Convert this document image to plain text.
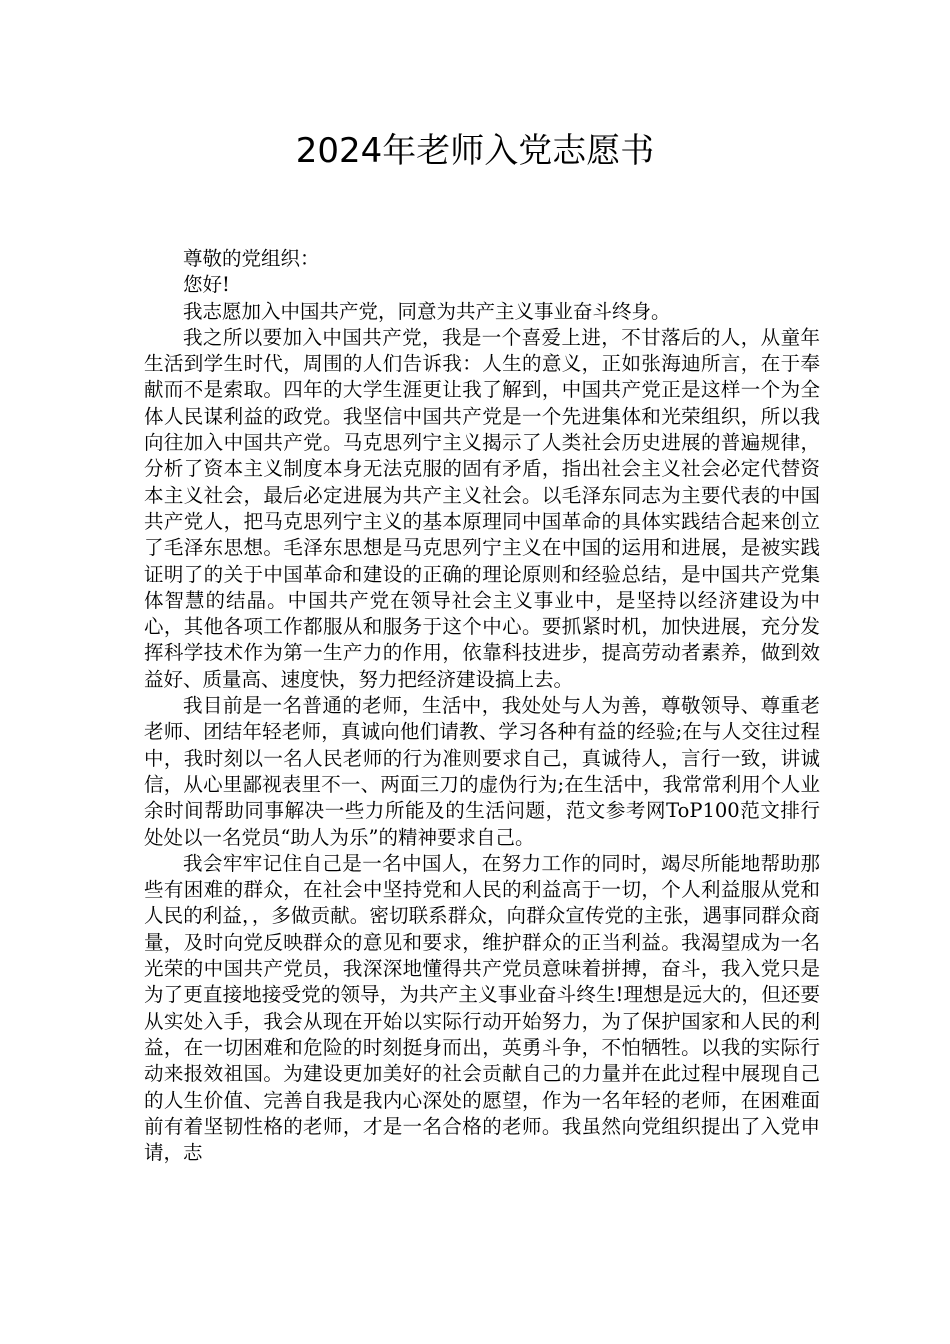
2024年老师入党志愿书

尊敬的党组织：

您好!

我志愿加入中国共产党，同意为共产主义事业奋斗终身。

我之所以要加入中国共产党，我是一个喜爱上进，不甘落后的人，从童年生活到学生时代，周围的人们告诉我：人生的意义，正如张海迪所言，在于奉献而不是索取。四年的大学生涯更让我了解到，中国共产党正是这样一个为全体人民谋利益的政党。我坚信中国共产党是一个先进集体和光荣组织，所以我向往加入中国共产党。马克思列宁主义揭示了人类社会历史进展的普遍规律，分析了资本主义制度本身无法克服的固有矛盾，指出社会主义社会必定代替资本主义社会，最后必定进展为共产主义社会。以毛泽东同志为主要代表的中国共产党人，把马克思列宁主义的基本原理同中国革命的具体实践结合起来创立了毛泽东思想。毛泽东思想是马克思列宁主义在中国的运用和进展，是被实践证明了的关于中国革命和建设的正确的理论原则和经验总结，是中国共产党集体智慧的结晶。中国共产党在领导社会主义事业中，是坚持以经济建设为中心，其他各项工作都服从和服务于这个中心。要抓紧时机，加快进展，充分发挥科学技术作为第一生产力的作用，依靠科技进步，提高劳动者素养，做到效益好、质量高、速度快，努力把经济建设搞上去。

我目前是一名普通的老师，生活中，我处处与人为善，尊敬领导、尊重老老师、团结年轻老师，真诚向他们请教、学习各种有益的经验;在与人交往过程中，我时刻以一名人民老师的行为准则要求自己，真诚待人，言行一致，讲诚信，从心里鄙视表里不一、两面三刀的虚伪行为;在生活中，我常常利用个人业余时间帮助同事解决一些力所能及的生活问题，范文参考网ToP100范文排行处处以一名党员“助人为乐”的精神要求自己。

我会牢牢记住自己是一名中国人，在努力工作的同时，竭尽所能地帮助那些有困难的群众，在社会中坚持党和人民的利益高于一切，个人利益服从党和人民的利益，，多做贡献。密切联系群众，向群众宣传党的主张，遇事同群众商量，及时向党反映群众的意见和要求，维护群众的正当利益。我渴望成为一名光荣的中国共产党员，我深深地懂得共产党员意味着拼搏，奋斗，我入党只是为了更直接地接受党的领导，为共产主义事业奋斗终生!理想是远大的，但还要从实处入手，我会从现在开始以实际行动开始努力，为了保护国家和人民的利益，在一切困难和危险的时刻挺身而出，英勇斗争，不怕牺牲。以我的实际行动来报效祖国。为建设更加美好的社会贡献自己的力量并在此过程中展现自己的人生价值、完善自我是我内心深处的愿望，作为一名年轻的老师，在困难面前有着坚韧性格的老师，才是一名合格的老师。我虽然向党组织提出了入党申请，志
